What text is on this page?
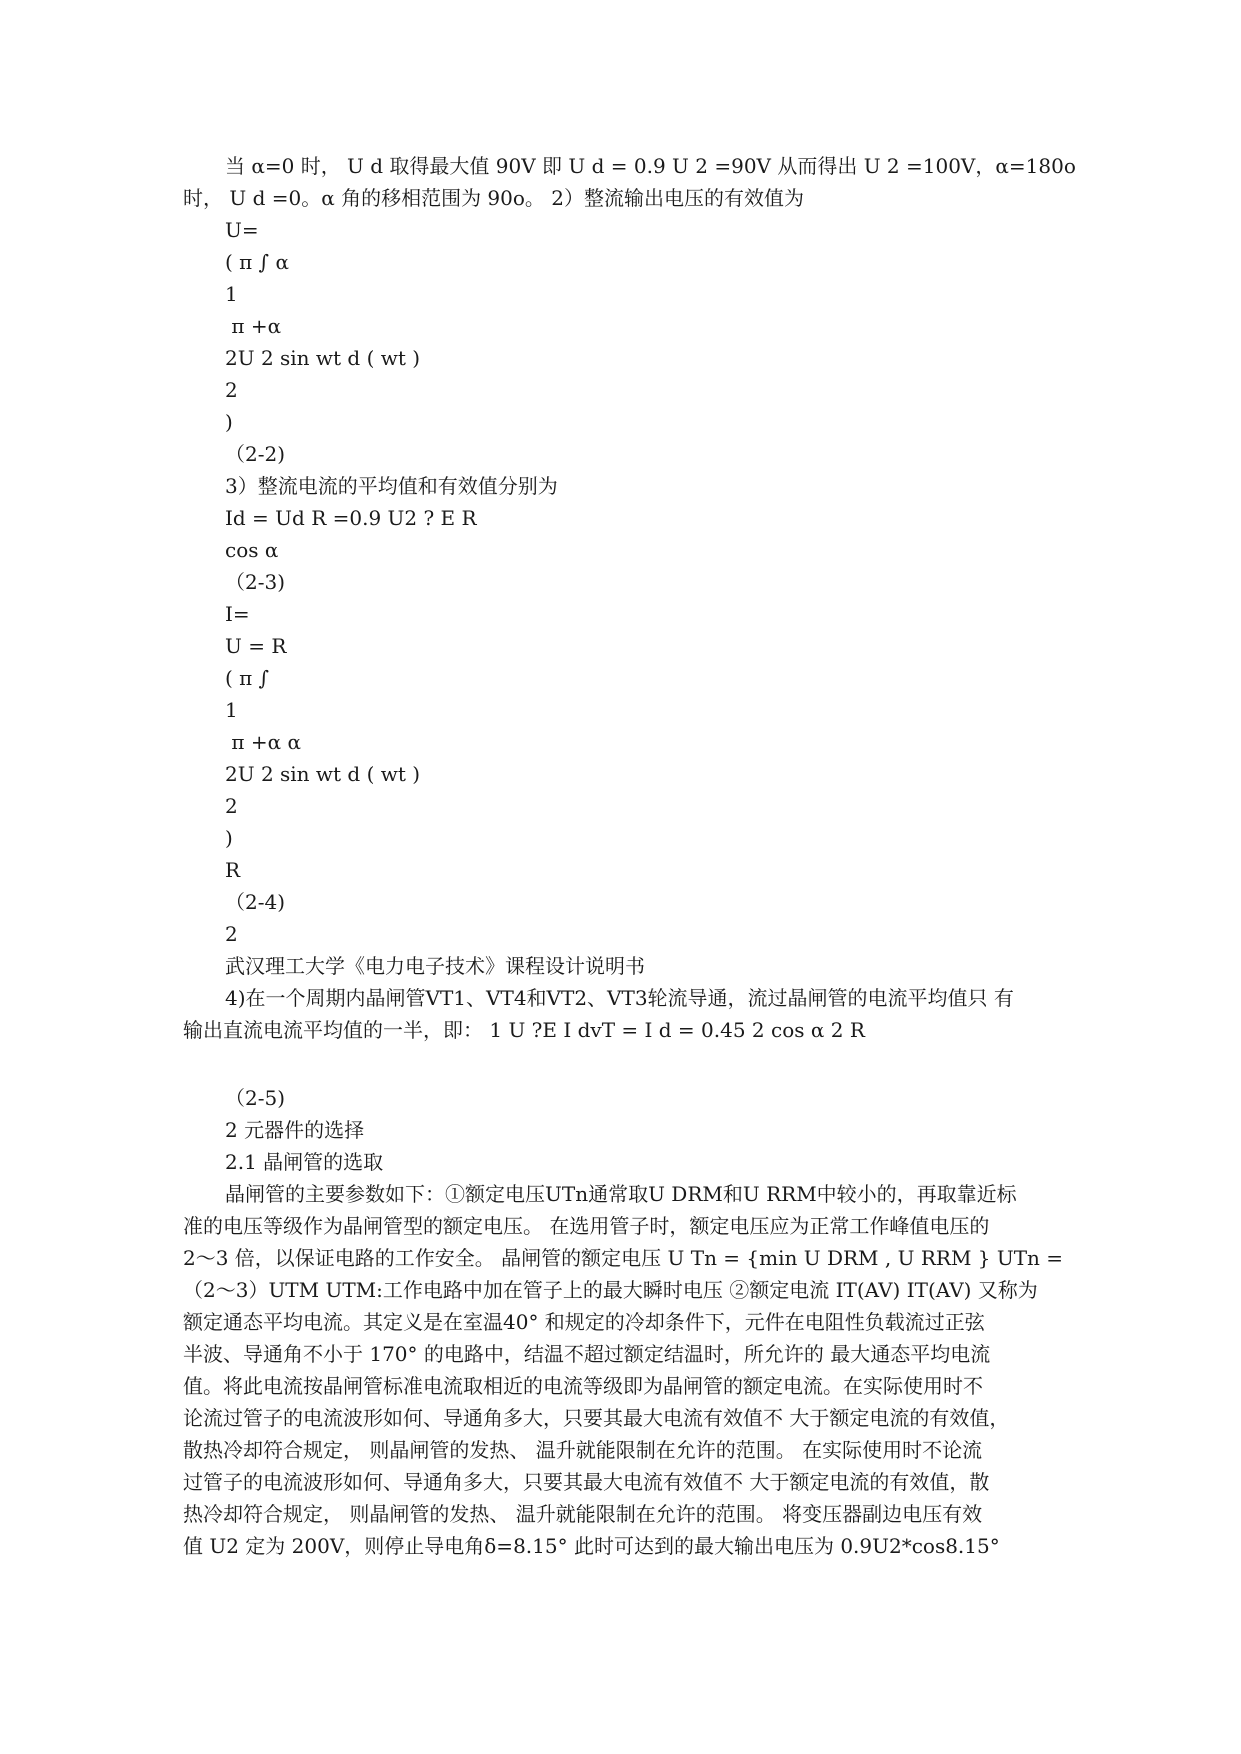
当 α=0 时， U d 取得最大值 90V 即 U d = 0.9 U 2 =90V 从而得出 U 2 =100V，α=180o
时， U d =0。α 角的移相范围为 90o。 2）整流输出电压的有效值为
U=
( π ∫ α
1
π +α
2U 2 sin wt d ( wt )
2
)
（2-2)
3）整流电流的平均值和有效值分别为
Id = Ud R =0.9 U2 ? E R
cos α
（2-3)
I=
U = R
( π ∫
1
π +α α
2U 2 sin wt d ( wt )
2
)
R
（2-4)
2
武汉理工大学《电力电子技术》课程设计说明书
4)在一个周期内晶闸管VT1、VT4和VT2、VT3轮流导通，流过晶闸管的电流平均值只 有
输出直流电流平均值的一半，即： 1 U ?E I dvT = I d = 0.45 2 cos α 2 R
（2-5)
2 元器件的选择
2.1 晶闸管的选取
晶闸管的主要参数如下：①额定电压UTn通常取U DRM和U RRM中较小的，再取靠近标
准的电压等级作为晶闸管型的额定电压。 在选用管子时，额定电压应为正常工作峰值电压的
2～3 倍，以保证电路的工作安全。 晶闸管的额定电压 U Tn = {min U DRM , U RRM } UTn =
（2～3）UTM UTM:工作电路中加在管子上的最大瞬时电压 ②额定电流 IT(AV) IT(AV) 又称为
额定通态平均电流。其定义是在室温40° 和规定的冷却条件下，元件在电阻性负载流过正弦
半波、导通角不小于 170° 的电路中，结温不超过额定结温时，所允许的 最大通态平均电流
值。将此电流按晶闸管标准电流取相近的电流等级即为晶闸管的额定电流。在实际使用时不
论流过管子的电流波形如何、导通角多大，只要其最大电流有效值不 大于额定电流的有效值，
散热冷却符合规定， 则晶闸管的发热、 温升就能限制在允许的范围。 在实际使用时不论流
过管子的电流波形如何、导通角多大，只要其最大电流有效值不 大于额定电流的有效值，散
热冷却符合规定， 则晶闸管的发热、 温升就能限制在允许的范围。 将变压器副边电压有效
值 U2 定为 200V，则停止导电角δ=8.15° 此时可达到的最大输出电压为 0.9U2*cos8.15°
